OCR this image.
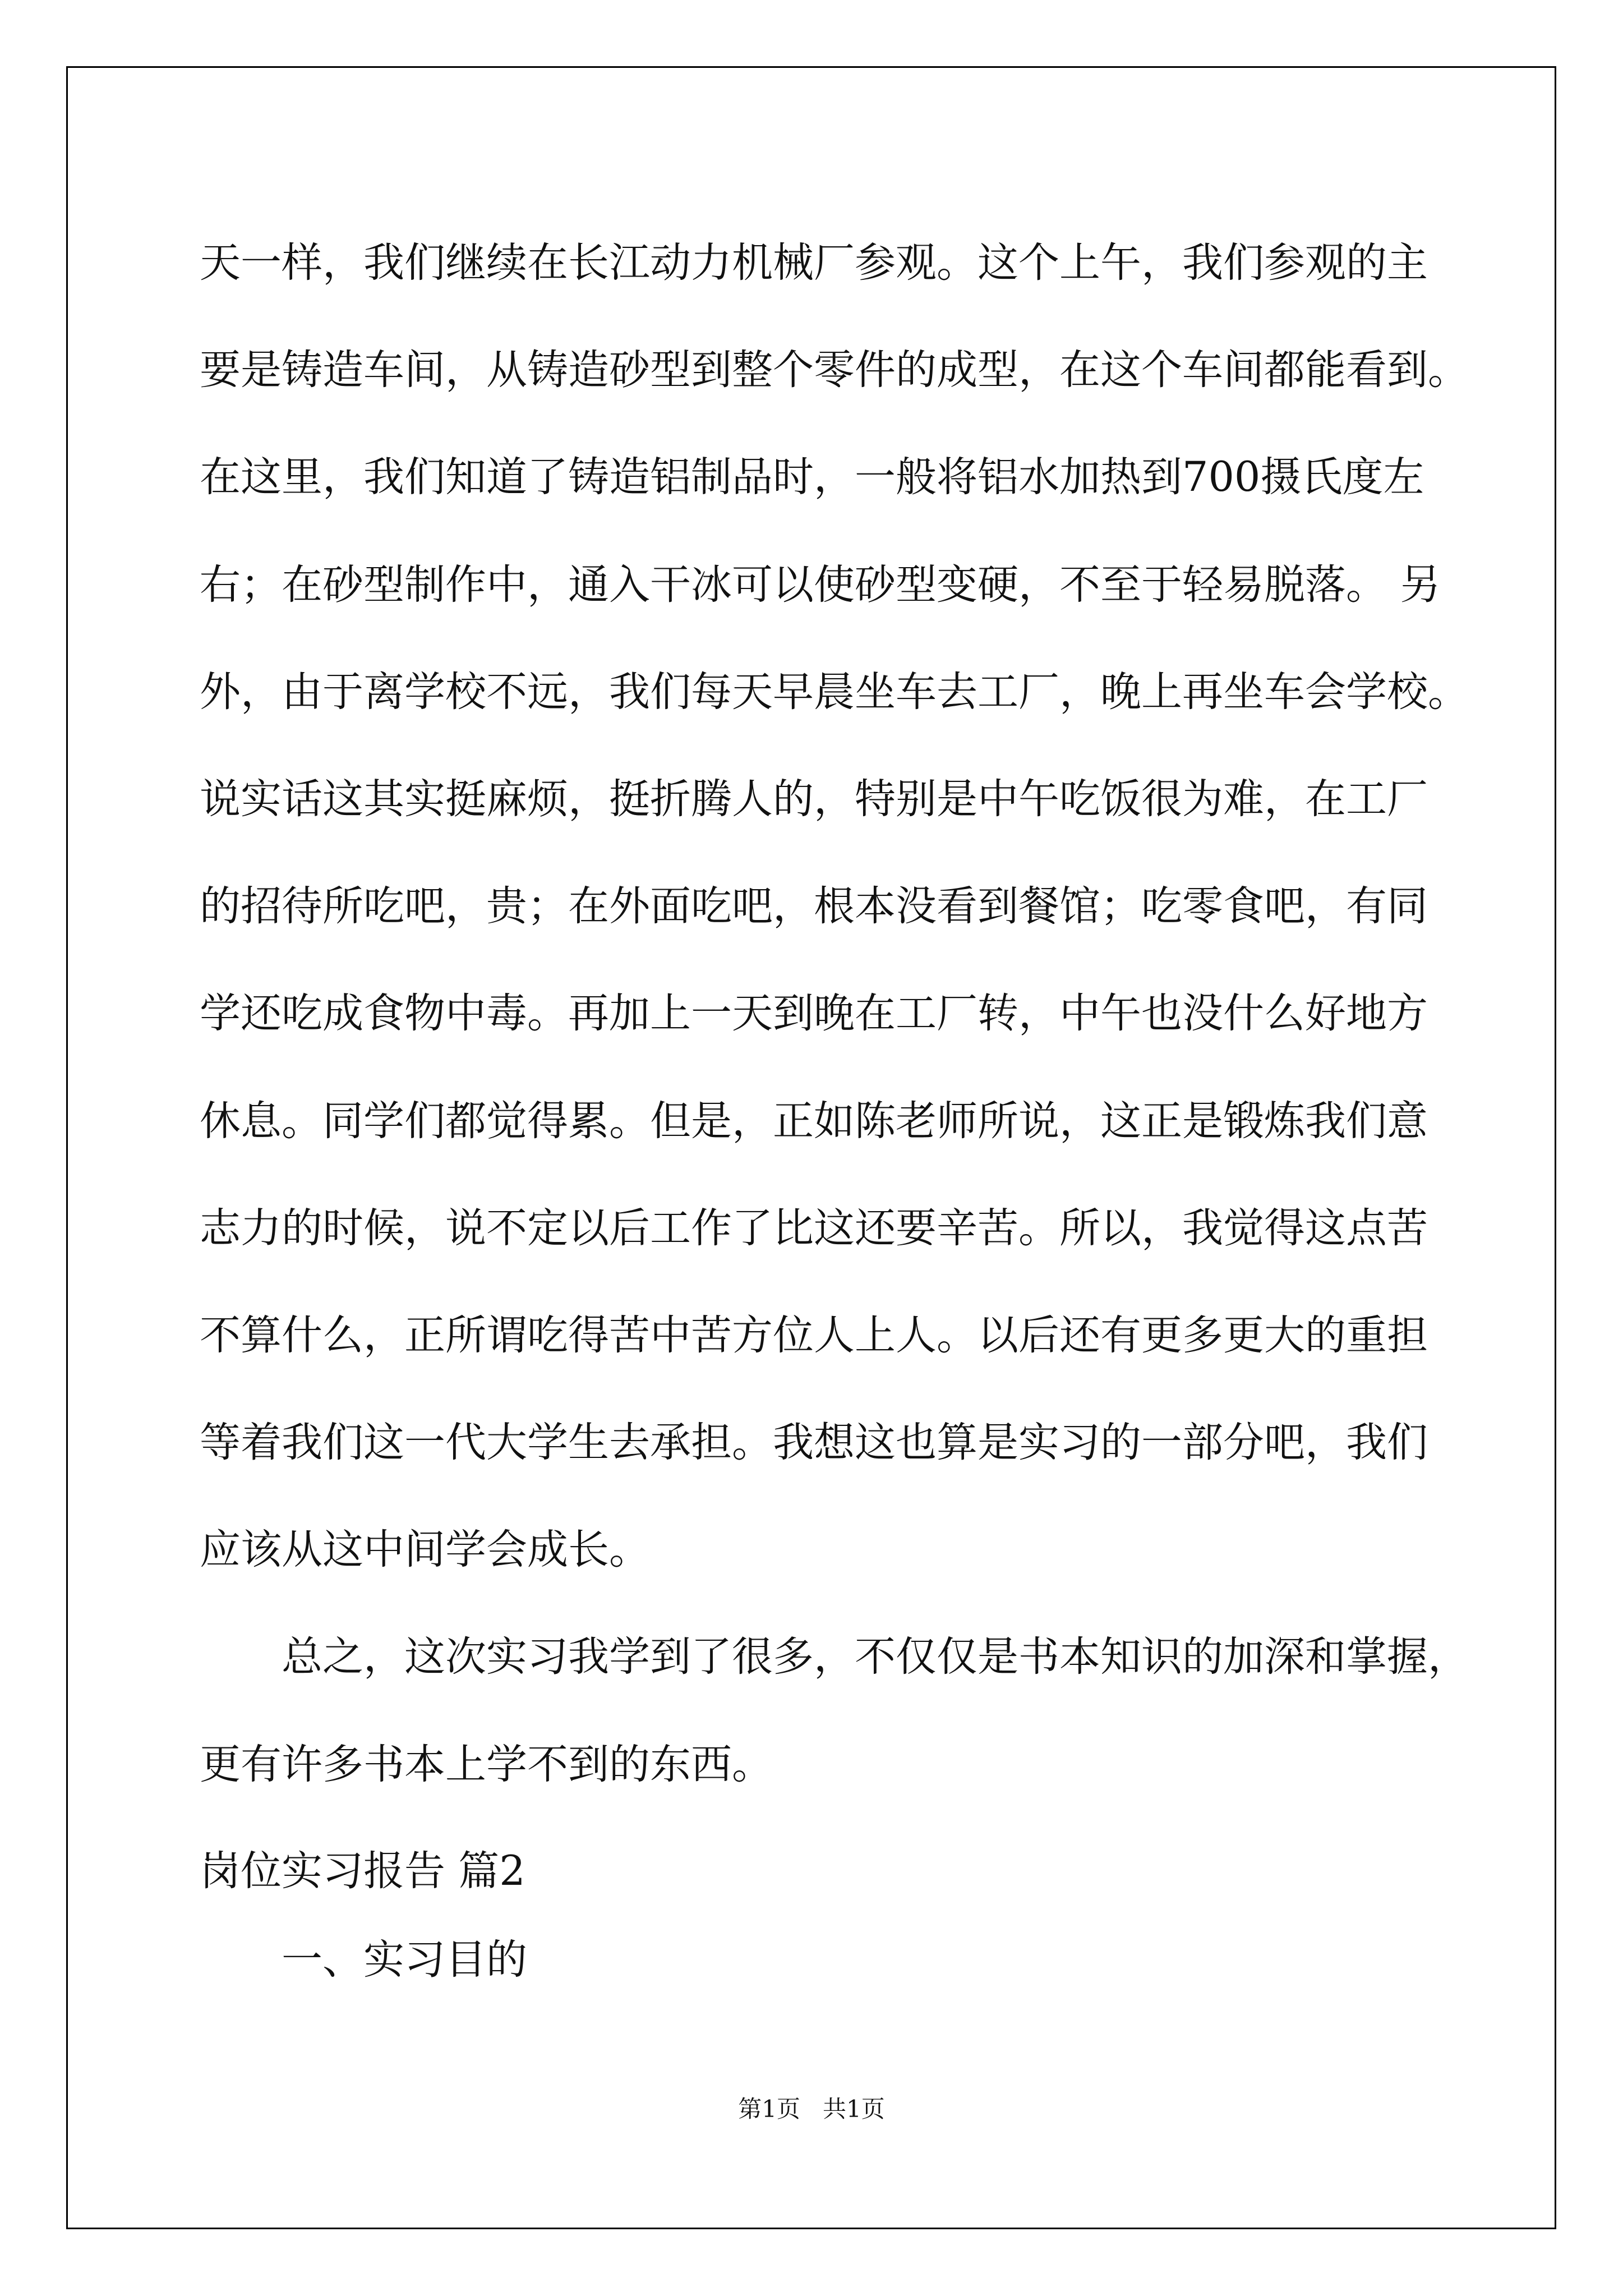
天一样，我们继续在长江动力机械厂参观。这个上午，我们参观的主
要是铸造车间，从铸造砂型到整个零件的成型，在这个车间都能看到。
在这里，我们知道了铸造铝制品时，一般将铝水加热到700摄氏度左
右；在砂型制作中，通入干冰可以使砂型变硬，不至于轻易脱落。 另
外，由于离学校不远，我们每天早晨坐车去工厂，晚上再坐车会学校。
说实话这其实挺麻烦，挺折腾人的，特别是中午吃饭很为难，在工厂
的招待所吃吧，贵；在外面吃吧，根本没看到餐馆；吃零食吧，有同
学还吃成食物中毒。再加上一天到晚在工厂转，中午也没什么好地方
休息。同学们都觉得累。但是，正如陈老师所说，这正是锻炼我们意
志力的时候，说不定以后工作了比这还要辛苦。所以，我觉得这点苦
不算什么，正所谓吃得苦中苦方位人上人。以后还有更多更大的重担
等着我们这一代大学生去承担。我想这也算是实习的一部分吧，我们
应该从这中间学会成长。
总之，这次实习我学到了很多，不仅仅是书本知识的加深和掌握，
更有许多书本上学不到的东西。
岗位实习报告 篇2
一、实习目的
第1页   共1页
